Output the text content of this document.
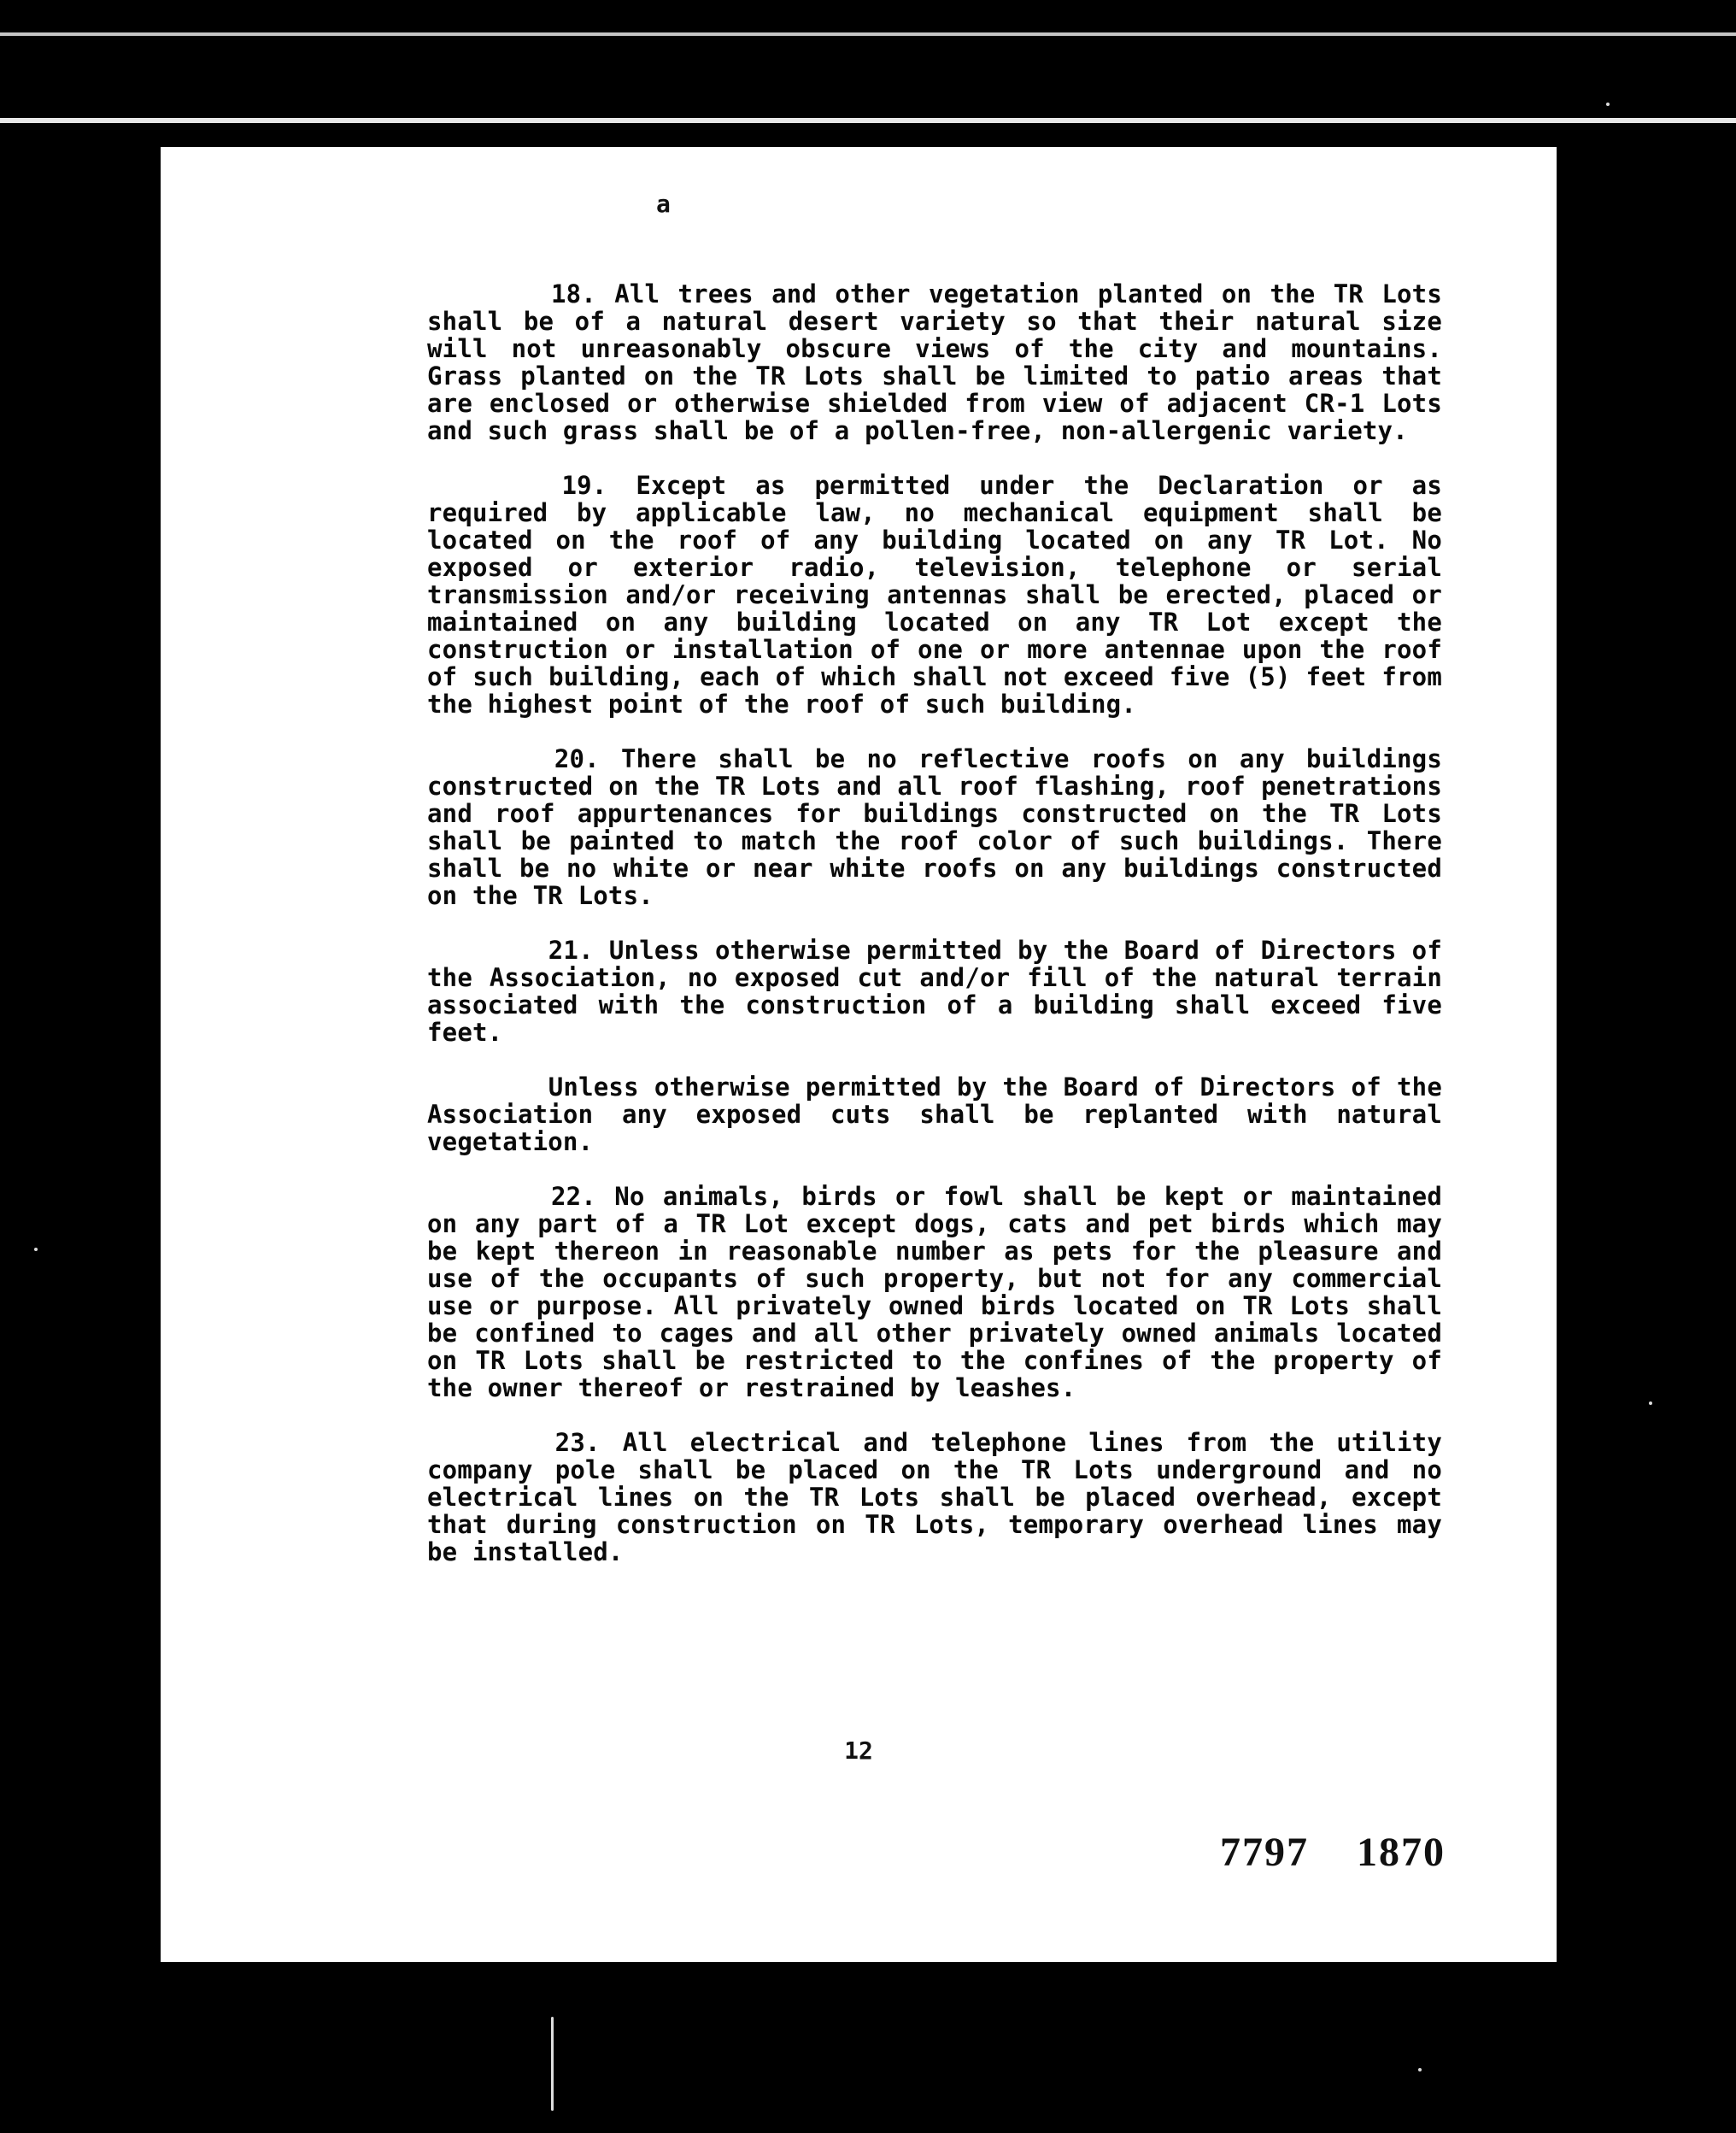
a

	18. All trees and other vegetation planted on the TR Lots shall be of a natural desert variety so that their natural size will not unreasonably obscure views of the city and mountains. Grass planted on the TR Lots shall be limited to patio areas that are enclosed or otherwise shielded from view of adjacent CR-1 Lots and such grass shall be of a pollen-free, non-allergenic variety.

	19. Except as permitted under the Declaration or as required by applicable law, no mechanical equipment shall be located on the roof of any building located on any TR Lot. No exposed or exterior radio, television, telephone or serial transmission and/or receiving antennas shall be erected, placed or maintained on any building located on any TR Lot except the construction or installation of one or more antennae upon the roof of such building, each of which shall not exceed five (5) feet from the highest point of the roof of such building.

	20. There shall be no reflective roofs on any buildings constructed on the TR Lots and all roof flashing, roof penetrations and roof appurtenances for buildings constructed on the TR Lots shall be painted to match the roof color of such buildings. There shall be no white or near white roofs on any buildings constructed on the TR Lots.

	21. Unless otherwise permitted by the Board of Directors of the Association, no exposed cut and/or fill of the natural terrain associated with the construction of a building shall exceed five feet.

	Unless otherwise permitted by the Board of Directors of the Association any exposed cuts shall be replanted with natural vegetation.

	22. No animals, birds or fowl shall be kept or maintained on any part of a TR Lot except dogs, cats and pet birds which may be kept thereon in reasonable number as pets for the pleasure and use of the occupants of such property, but not for any commercial use or purpose. All privately owned birds located on TR Lots shall be confined to cages and all other privately owned animals located on TR Lots shall be restricted to the confines of the property of the owner thereof or restrained by leashes.

	23. All electrical and telephone lines from the utility company pole shall be placed on the TR Lots underground and no electrical lines on the TR Lots shall be placed overhead, except that during construction on TR Lots, temporary overhead lines may be installed.

12
7797 1870
